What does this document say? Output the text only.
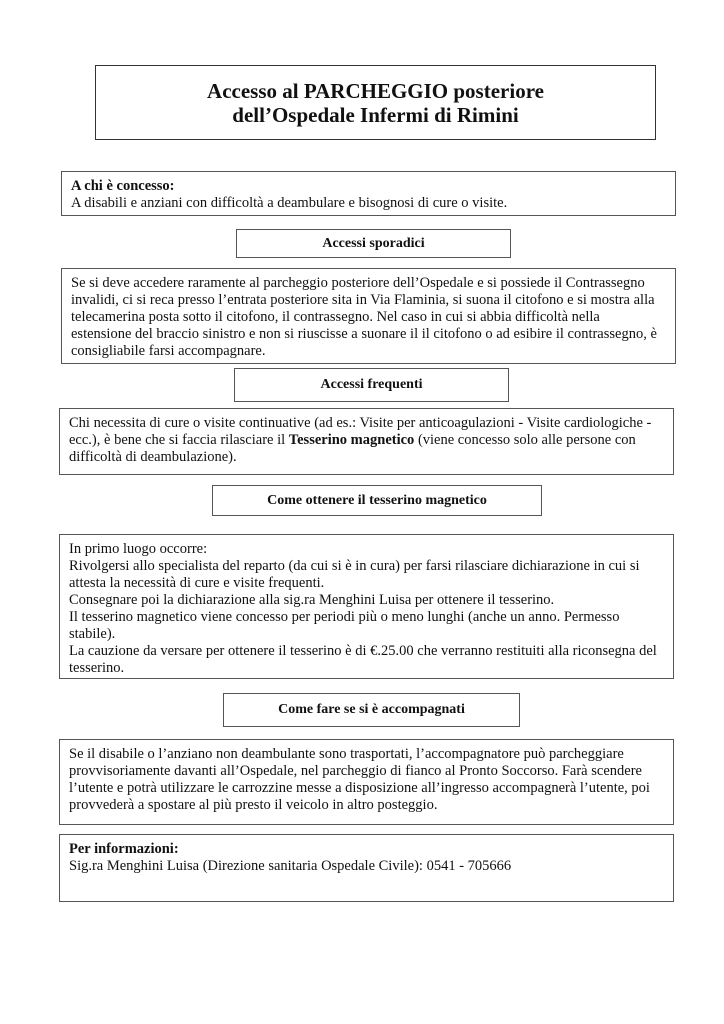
Accesso al PARCHEGGIO posteriore
dell’Ospedale Infermi di Rimini
A chi è concesso:
A disabili e anziani con difficoltà a deambulare e bisognosi di cure o visite.
Accessi sporadici
Se si deve accedere raramente al parcheggio posteriore dell’Ospedale e si possiede il Contrassegno
invalidi, ci si reca presso l’entrata posteriore sita in Via Flaminia, si suona il citofono e si mostra alla
telecamerina posta sotto il citofono, il contrassegno. Nel caso in cui si abbia difficoltà nella
estensione del braccio sinistro e non si riuscisse a suonare il il citofono o ad esibire il contrassegno, è
consigliabile farsi accompagnare.
Accessi frequenti
Chi necessita di cure o visite continuative (ad es.: Visite per anticoagulazioni - Visite cardiologiche -
ecc.), è bene che si faccia rilasciare il Tesserino magnetico (viene concesso solo alle persone con
difficoltà di deambulazione).
Come ottenere il tesserino magnetico
In primo luogo occorre:
Rivolgersi allo specialista del reparto (da cui si è in cura) per farsi rilasciare dichiarazione in cui si
attesta la necessità di cure e visite frequenti.
Consegnare poi la dichiarazione alla sig.ra Menghini Luisa per ottenere il tesserino.
Il tesserino magnetico viene concesso per periodi più o meno lunghi (anche un anno. Permesso
stabile).
La cauzione da versare per ottenere il tesserino è di €.25.00 che verranno restituiti alla riconsegna del
tesserino.
Come fare se si è accompagnati
Se il disabile o l’anziano non deambulante sono trasportati, l’accompagnatore può parcheggiare
provvisoriamente davanti all’Ospedale, nel parcheggio di fianco al Pronto Soccorso. Farà scendere
l’utente e potrà utilizzare le carrozzine messe a disposizione all’ingresso accompagnerà l’utente, poi
provvederà a spostare al più presto il veicolo in altro posteggio.
Per informazioni:
Sig.ra Menghini Luisa (Direzione sanitaria Ospedale Civile): 0541 - 705666
